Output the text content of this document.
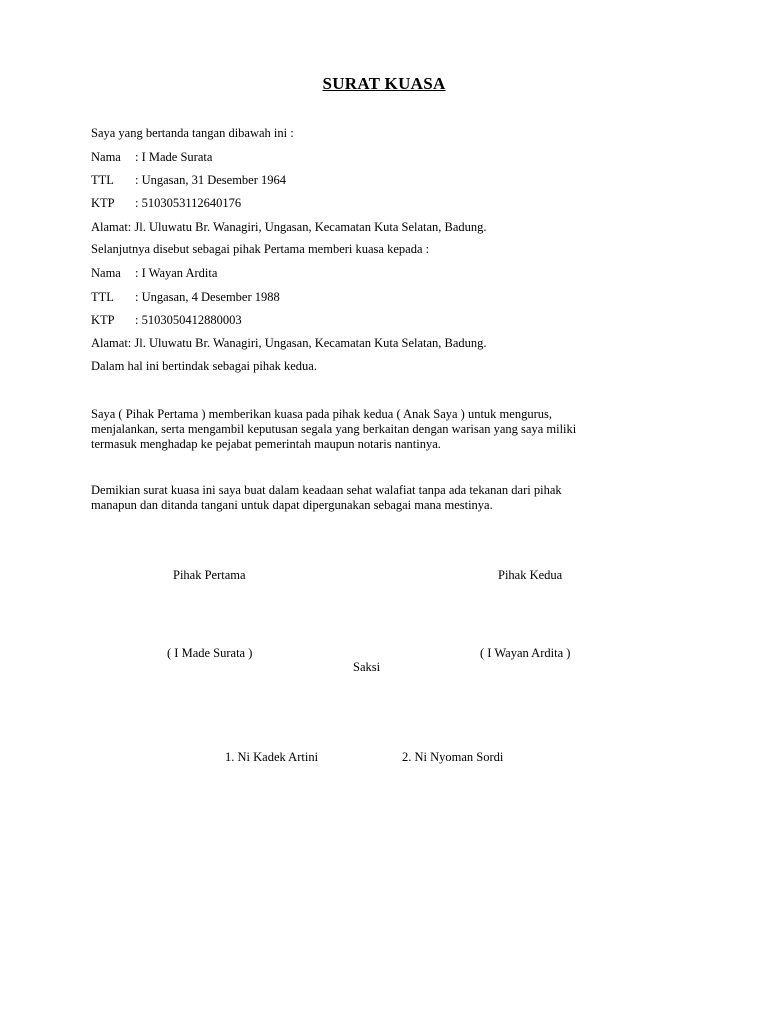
SURAT KUASA
Saya yang bertanda tangan dibawah ini :
Nama : I Made Surata
TTL : Ungasan, 31 Desember 1964
KTP : 5103053112640176
Alamat: Jl. Uluwatu Br. Wanagiri, Ungasan, Kecamatan Kuta Selatan, Badung.
Selanjutnya disebut sebagai pihak Pertama memberi kuasa kepada :
Nama : I Wayan Ardita
TTL : Ungasan, 4 Desember 1988
KTP : 5103050412880003
Alamat: Jl. Uluwatu Br. Wanagiri, Ungasan, Kecamatan Kuta Selatan, Badung.
Dalam hal ini bertindak sebagai pihak kedua.
Saya ( Pihak Pertama ) memberikan kuasa pada pihak kedua ( Anak Saya ) untuk mengurus,
menjalankan, serta mengambil keputusan segala yang berkaitan dengan warisan yang saya miliki
termasuk menghadap ke pejabat pemerintah maupun notaris nantinya.
Demikian surat kuasa ini saya buat dalam keadaan sehat walafiat tanpa ada tekanan dari pihak
manapun dan ditanda tangani untuk dapat dipergunakan sebagai mana mestinya.
Pihak Pertama	Pihak Kedua
( I Made Surata )	( I Wayan Ardita )
Saksi
1. Ni Kadek Artini	2. Ni Nyoman Sordi
